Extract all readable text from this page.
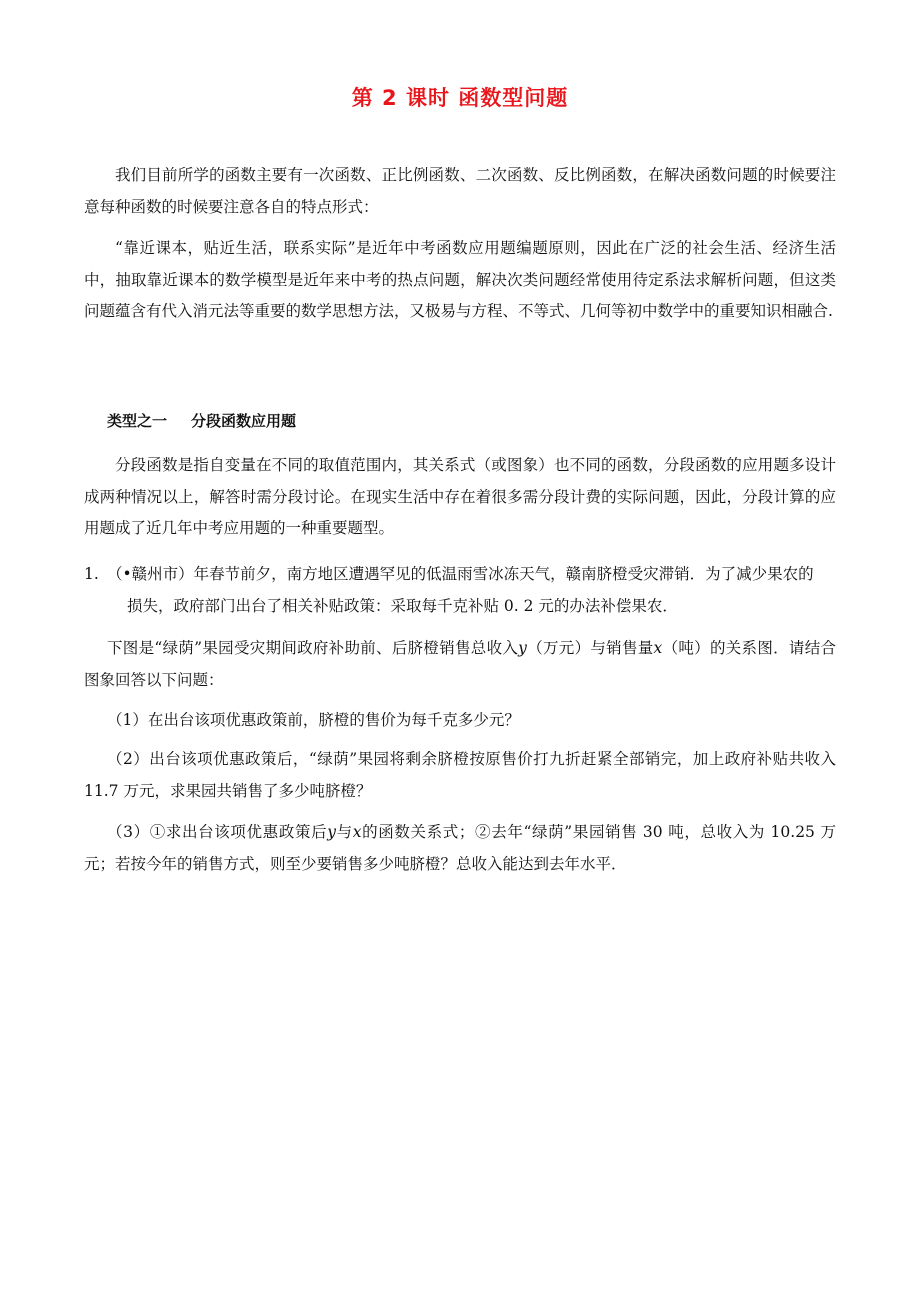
第 2 课时 函数型问题

我们目前所学的函数主要有一次函数、正比例函数、二次函数、反比例函数，在解决函数问题的时候要注意每种函数的时候要注意各自的特点形式：

“靠近课本，贴近生活，联系实际”是近年中考函数应用题编题原则，因此在广泛的社会生活、经济生活中，抽取靠近课本的数学模型是近年来中考的热点问题，解决次类问题经常使用待定系法求解析问题，但这类问题蕴含有代入消元法等重要的数学思想方法，又极易与方程、不等式、几何等初中数学中的重要知识相融合.

类型之一 分段函数应用题

分段函数是指自变量在不同的取值范围内，其关系式（或图象）也不同的函数，分段函数的应用题多设计成两种情况以上，解答时需分段讨论。在现实生活中存在着很多需分段计费的实际问题，因此，分段计算的应用题成了近几年中考应用题的一种重要题型。

1. （•赣州市）年春节前夕，南方地区遭遇罕见的低温雨雪冰冻天气，赣南脐橙受灾滞销．为了减少果农的
损失，政府部门出台了相关补贴政策：采取每千克补贴 0. 2 元的办法补偿果农．

下图是“绿荫”果园受灾期间政府补助前、后脐橙销售总收入y（万元）与销售量x（吨）的关系图．请结合图象回答以下问题：

（1）在出台该项优惠政策前，脐橙的售价为每千克多少元？

（2）出台该项优惠政策后，“绿荫”果园将剩余脐橙按原售价打九折赶紧全部销完，加上政府补贴共收入 11.7 万元，求果园共销售了多少吨脐橙？

（3）①求出台该项优惠政策后y与x的函数关系式；②去年“绿荫”果园销售 30 吨，总收入为 10.25 万元；若按今年的销售方式，则至少要销售多少吨脐橙？总收入能达到去年水平．
